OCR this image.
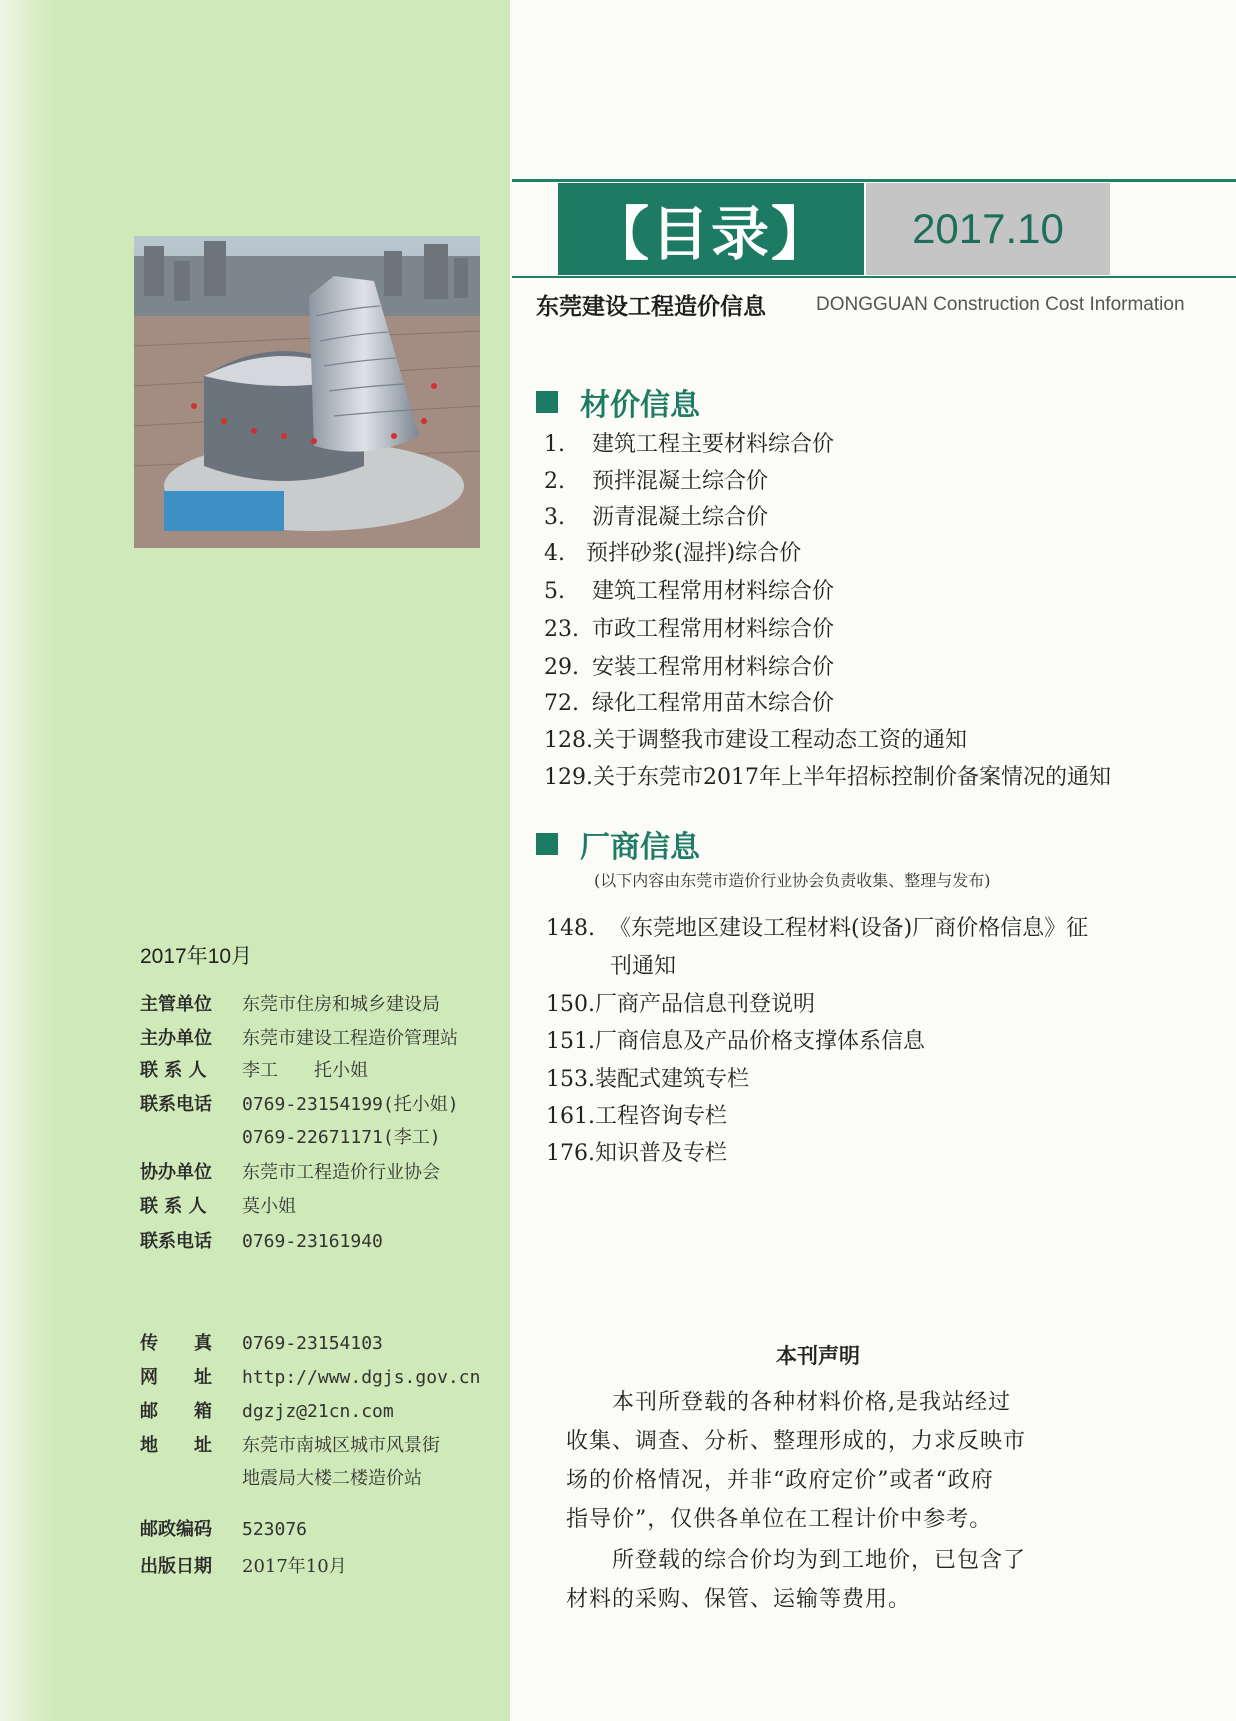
【目录】	2017.10
东莞建设工程造价信息	DONGGUAN Construction Cost Information
材价信息
1. 建筑工程主要材料综合价
2. 预拌混凝土综合价
3. 沥青混凝土综合价
4. 预拌砂浆(湿拌)综合价
5. 建筑工程常用材料综合价
23. 市政工程常用材料综合价
29. 安装工程常用材料综合价
72. 绿化工程常用苗木综合价
128.关于调整我市建设工程动态工资的通知
129.关于东莞市2017年上半年招标控制价备案情况的通知
厂商信息
(以下内容由东莞市造价行业协会负责收集、整理与发布)
148. 《东莞地区建设工程材料(设备)厂商价格信息》征
刊通知
150.厂商产品信息刊登说明
151.厂商信息及产品价格支撑体系信息
153.装配式建筑专栏
161.工程咨询专栏
176.知识普及专栏
2017年10月
主管单位 东莞市住房和城乡建设局
主办单位 东莞市建设工程造价管理站
联 系 人 李工　　托小姐
联系电话 0769-23154199(托小姐)
0769-22671171(李工)
协办单位 东莞市工程造价行业协会
联 系 人 莫小姐
联系电话 0769-23161940
传　　真 0769-23154103
网　　址 http://www.dgjs.gov.cn
邮　　箱 dgzjz@21cn.com
地　　址 东莞市南城区城市风景街
地震局大楼二楼造价站
邮政编码 523076
出版日期 2017年10月
本刊声明
　　本刊所登载的各种材料价格,是我站经过
收集、调查、分析、整理形成的，力求反映市
场的价格情况，并非“政府定价”或者“政府
指导价”，仅供各单位在工程计价中参考。
　　所登载的综合价均为到工地价，已包含了
材料的采购、保管、运输等费用。
